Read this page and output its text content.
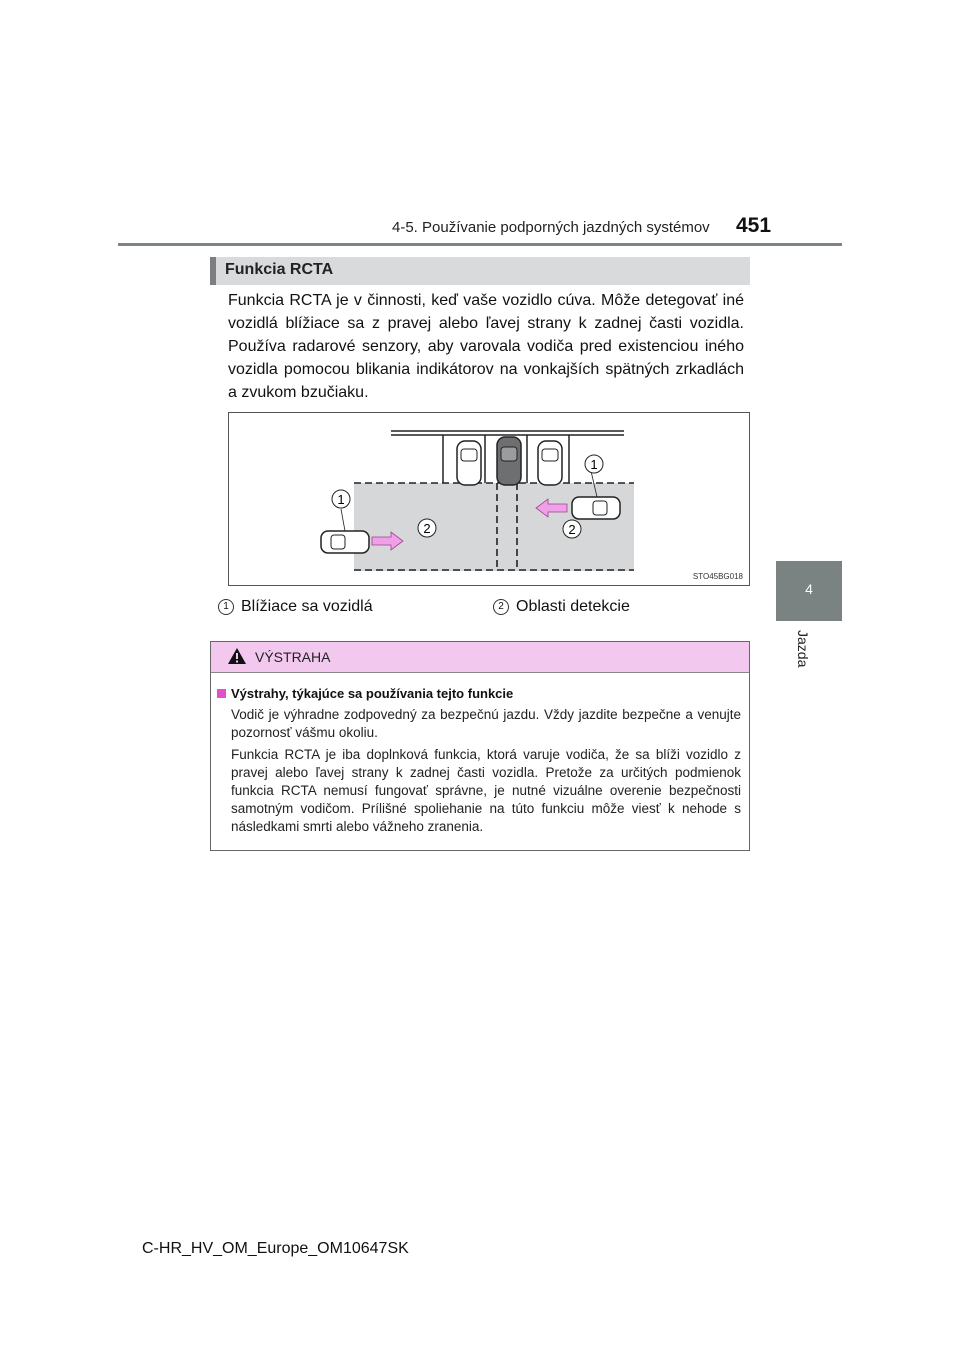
4-5. Používanie podporných jazdných systémov 451
4
Jazda
Funkcia RCTA

Funkcia RCTA je v činnosti, keď vaše vozidlo cúva. Môže detegovať iné vozidlá blížiace sa z pravej alebo ľavej strany k zadnej časti vozidla. Používa radarové senzory, aby varovala vodiča pred existenciou iného vozidla pomocou blikania indikátorov na vonkajších spätných zrkadlách a zvukom bzučiaku.

1
1
2	2
STO45BG018
1 Blížiace sa vozidlá	2 Oblasti detekcie
VÝSTRAHA
Výstrahy, týkajúce sa používania tejto funkcie

Vodič je výhradne zodpovedný za bezpečnú jazdu. Vždy jazdite bezpečne a venujte pozornosť vášmu okoliu.

Funkcia RCTA je iba doplnková funkcia, ktorá varuje vodiča, že sa blíži vozidlo z pravej alebo ľavej strany k zadnej časti vozidla. Pretože za určitých podmienok funkcia RCTA nemusí fungovať správne, je nutné vizuálne overenie bezpečnosti samotným vodičom. Prílišné spoliehanie na túto funkciu môže viesť k nehode s následkami smrti alebo vážneho zranenia.

C-HR_HV_OM_Europe_OM10647SK
